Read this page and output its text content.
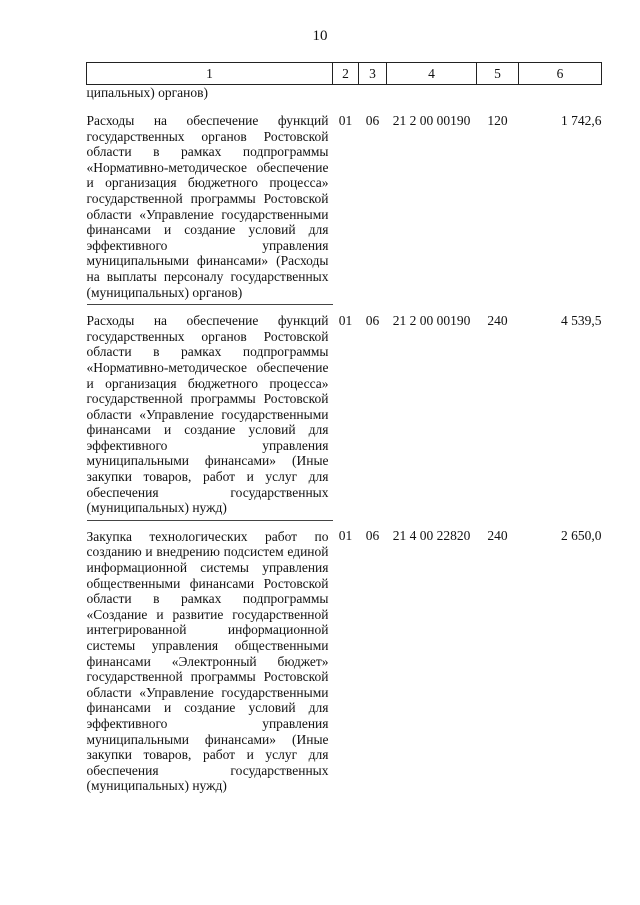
10
1	2	3	4	5	6
ципальных) органов)					
Расходы на обеспечение функций государственных органов Ростовской области в рамках подпрограммы «Нормативно-методическое обеспечение и организация бюджетного процесса» государственной программы Ростовской области «Управление государственными финансами и создание условий для эффективного управления муниципальными финансами» (Расходы на выплаты персоналу государственных (муниципальных) органов)	01	06	21 2 00 00190	120	1 742,6

Расходы на обеспечение функций государственных органов Ростовской области в рамках подпрограммы «Нормативно-методическое обеспечение и организация бюджетного процесса» государственной программы Ростовской области «Управление государственными финансами и создание условий для эффективного управления муниципальными финансами» (Иные закупки товаров, работ и услуг для обеспечения государственных (муниципальных) нужд)	01	06	21 2 00 00190	240	4 539,5

Закупка технологических работ по созданию и внедрению подсистем единой информационной системы управления общественными финансами Ростовской области в рамках подпрограммы «Создание и развитие государственной интегрированной информационной системы управления общественными финансами «Электронный бюджет» государственной программы Ростовской области «Управление государственными финансами и создание условий для эффективного управления муниципальными финансами» (Иные закупки товаров, работ и услуг для обеспечения государственных (муниципальных) нужд)	01	06	21 4 00 22820	240	2 650,0
